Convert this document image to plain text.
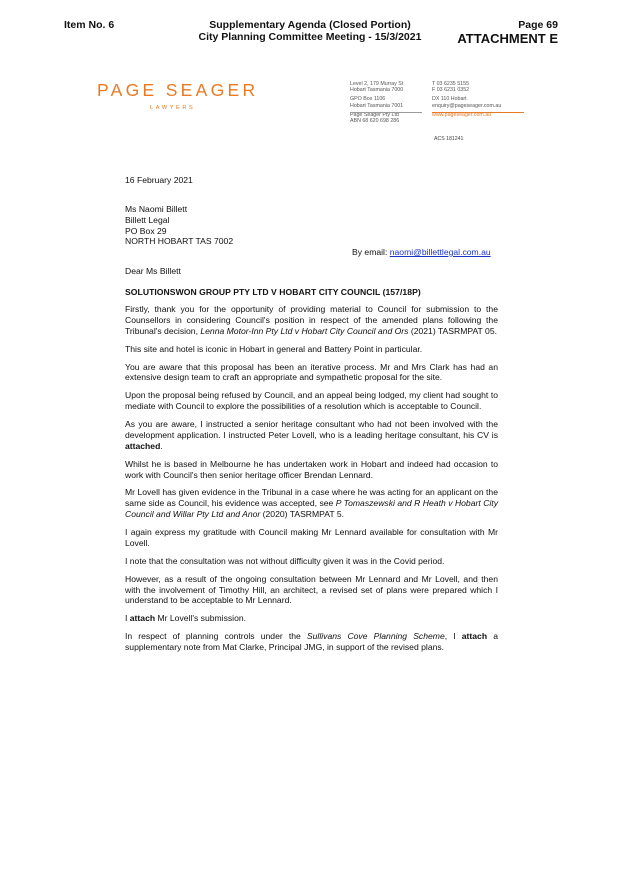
Item No. 6	Supplementary Agenda (Closed Portion)
City Planning Committee Meeting - 15/3/2021
Page 69
ATTACHMENT E
PAGE SEAGER
LAWYERS
Level 2, 179 Murray St
Hobart Tasmania 7000
GPO Box 1106
Hobart Tasmania 7001
Page Seager Pty Ltd
ABN 68 620 698 286
T 03 6235 5155
F 03 6231 0352
DX 110 Hobart
enquiry@pageseager.com.au
www.pageseager.com.au
ACS 181241
16 February 2021
Ms Naomi Billett
Billett Legal
PO Box 29
NORTH HOBART TAS 7002
By email: naomi@billettlegal.com.au
Dear Ms Billett
SOLUTIONSWON GROUP PTY LTD V HOBART CITY COUNCIL (157/18P)

Firstly, thank you for the opportunity of providing material to Council for submission to the Counsellors in considering Council's position in respect of the amended plans following the Tribunal's decision, Lenna Motor-Inn Pty Ltd v Hobart City Council and Ors (2021) TASRMPAT 05.

This site and hotel is iconic in Hobart in general and Battery Point in particular.

You are aware that this proposal has been an iterative process. Mr and Mrs Clark has had an extensive design team to craft an appropriate and sympathetic proposal for the site.

Upon the proposal being refused by Council, and an appeal being lodged, my client had sought to mediate with Council to explore the possibilities of a resolution which is acceptable to Council.

As you are aware, I instructed a senior heritage consultant who had not been involved with the development application. I instructed Peter Lovell, who is a leading heritage consultant, his CV is attached.

Whilst he is based in Melbourne he has undertaken work in Hobart and indeed had occasion to work with Council's then senior heritage officer Brendan Lennard.

Mr Lovell has given evidence in the Tribunal in a case where he was acting for an applicant on the same side as Council, his evidence was accepted, see P Tomaszewski and R Heath v Hobart City Council and Willar Pty Ltd and Anor (2020) TASRMPAT 5.

I again express my gratitude with Council making Mr Lennard available for consultation with Mr Lovell.

I note that the consultation was not without difficulty given it was in the Covid period.

However, as a result of the ongoing consultation between Mr Lennard and Mr Lovell, and then with the involvement of Timothy Hill, an architect, a revised set of plans were prepared which I understand to be acceptable to Mr Lennard.

I attach Mr Lovell's submission.

In respect of planning controls under the Sullivans Cove Planning Scheme, I attach a supplementary note from Mat Clarke, Principal JMG, in support of the revised plans.
